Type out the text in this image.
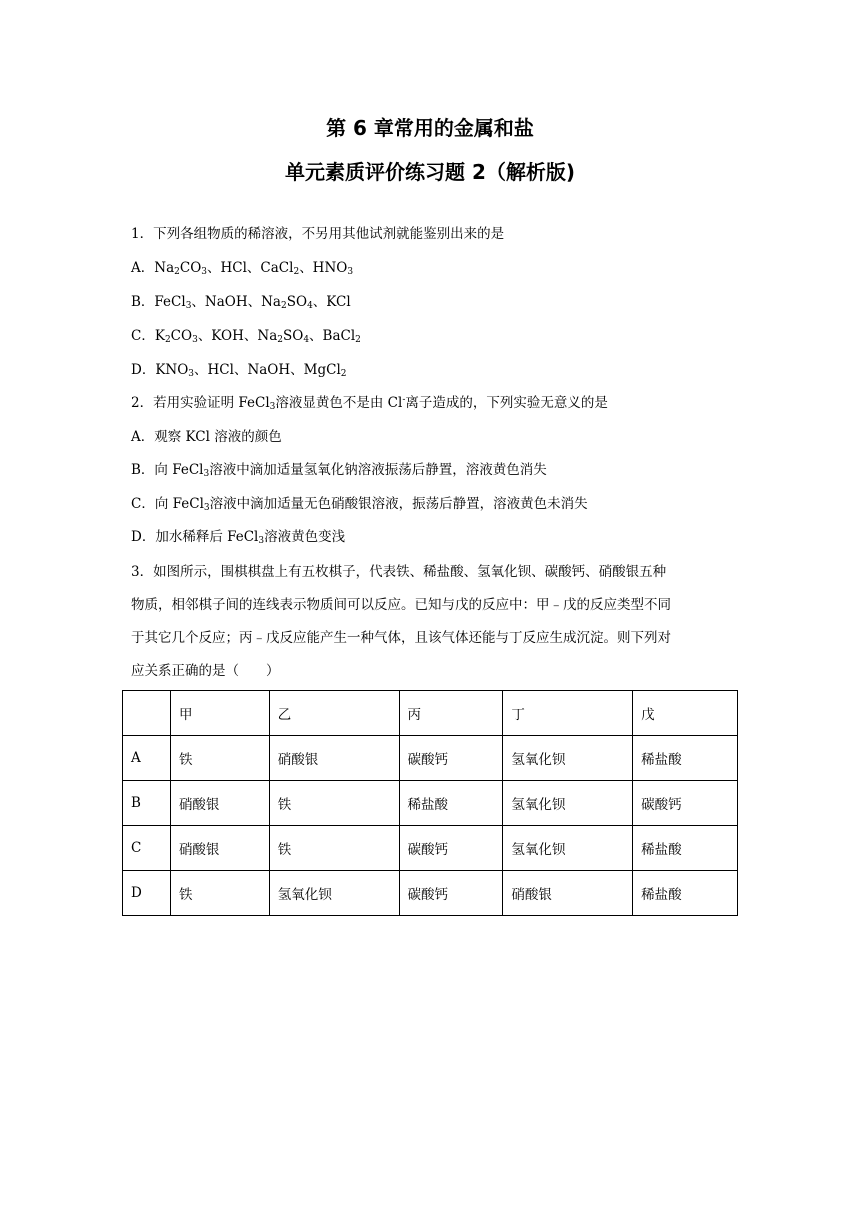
第 6 章常用的金属和盐
单元素质评价练习题 2（解析版)
1．下列各组物质的稀溶液，不另用其他试剂就能鉴别出来的是
A．$Na_2CO_3$、HCl、CaCl$_2$、$HNO_3$
B．FeCl$_3$、NaOH、$Na_2SO_4$、KCl
C．$K_2CO_3$、KOH、$Na_2SO_4$、BaCl$_2$
D．$KNO_3$、HCl、NaOH、MgCl$_2$
2．若用实验证明 FeCl$_3$溶液显黄色不是由 Cl-离子造成的，下列实验无意义的是
A．观察 KCl 溶液的颜色
B．向 FeCl$_3$溶液中滴加适量氢氧化钠溶液振荡后静置，溶液黄色消失
C．向 FeCl$_3$溶液中滴加适量无色硝酸银溶液，振荡后静置，溶液黄色未消失
D．加水稀释后 FeCl$_3$溶液黄色变浅
3．如图所示，围棋棋盘上有五枚棋子，代表铁、稀盐酸、氢氧化钡、碳酸钙、硝酸银五种
物质，相邻棋子间的连线表示物质间可以反应。已知与戊的反应中：甲﹣戊的反应类型不同
于其它几个反应；丙﹣戊反应能产生一种气体，且该气体还能与丁反应生成沉淀。则下列对
应关系正确的是（　　）
	甲	乙	丙	丁	戊
A	铁	硝酸银	碳酸钙	氢氧化钡	稀盐酸
B	硝酸银	铁	稀盐酸	氢氧化钡	碳酸钙
C	硝酸银	铁	碳酸钙	氢氧化钡	稀盐酸
D	铁	氢氧化钡	碳酸钙	硝酸银	稀盐酸
